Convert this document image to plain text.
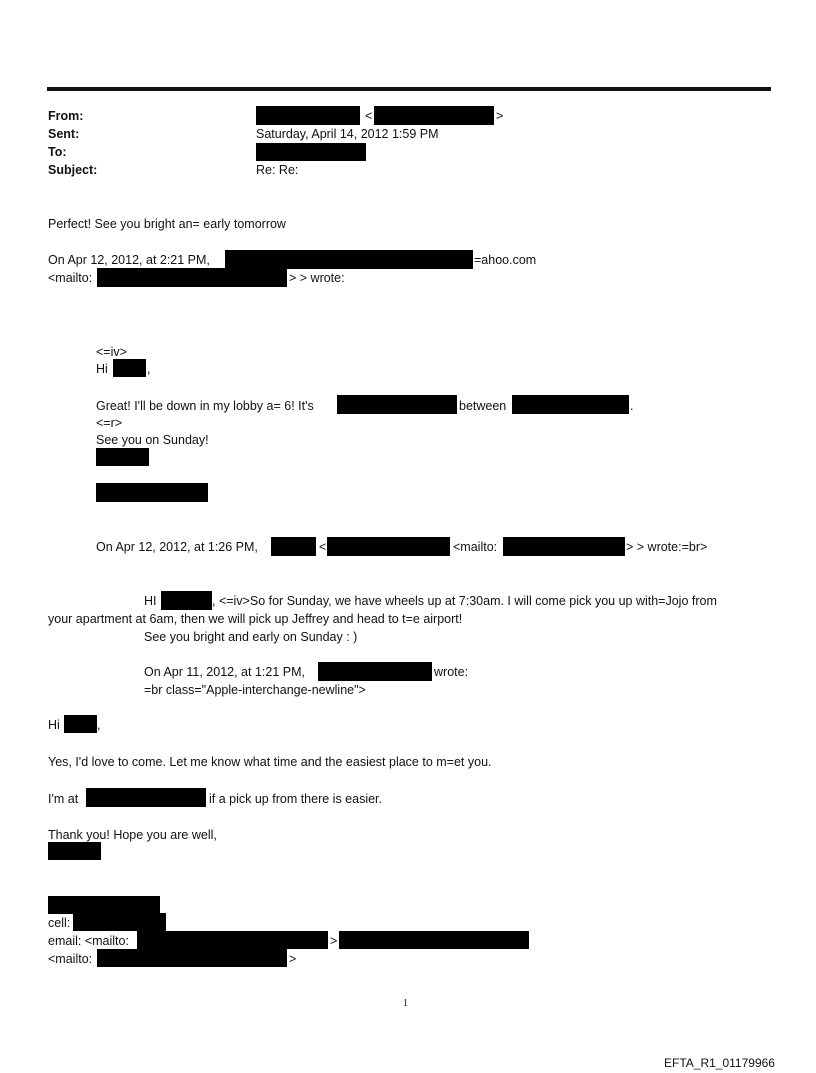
From:	<	>
Sent:	Saturday, April 14, 2012 1:59 PM
To:
Subject:	Re: Re:
Perfect! See you bright an= early tomorrow
On Apr 12, 2012, at 2:21 PM,	=ahoo.com
<mailto:	> > wrote:
<=iv>
Hi	,
Great! I'll be down in my lobby a= 6! It's	between	.
<=r>
See you on Sunday!
On Apr 12, 2012, at 1:26 PM,	<	<mailto:	> > wrote:=br>
HI	, <=iv>So for Sunday, we have wheels up at 7:30am. I will come pick you up with=Jojo from
your apartment at 6am, then we will pick up Jeffrey and head to t=e airport!
See you bright and early on Sunday : )
On Apr 11, 2012, at 1:21 PM,	wrote:
=br class="Apple-interchange-newline">
Hi	,
Yes, I'd love to come. Let me know what time and the easiest place to m=et you.
I'm at	if a pick up from there is easier.
Thank you! Hope you are well,
cell:
email: <mailto:	>
<mailto:	>
1
EFTA_R1_01179966
